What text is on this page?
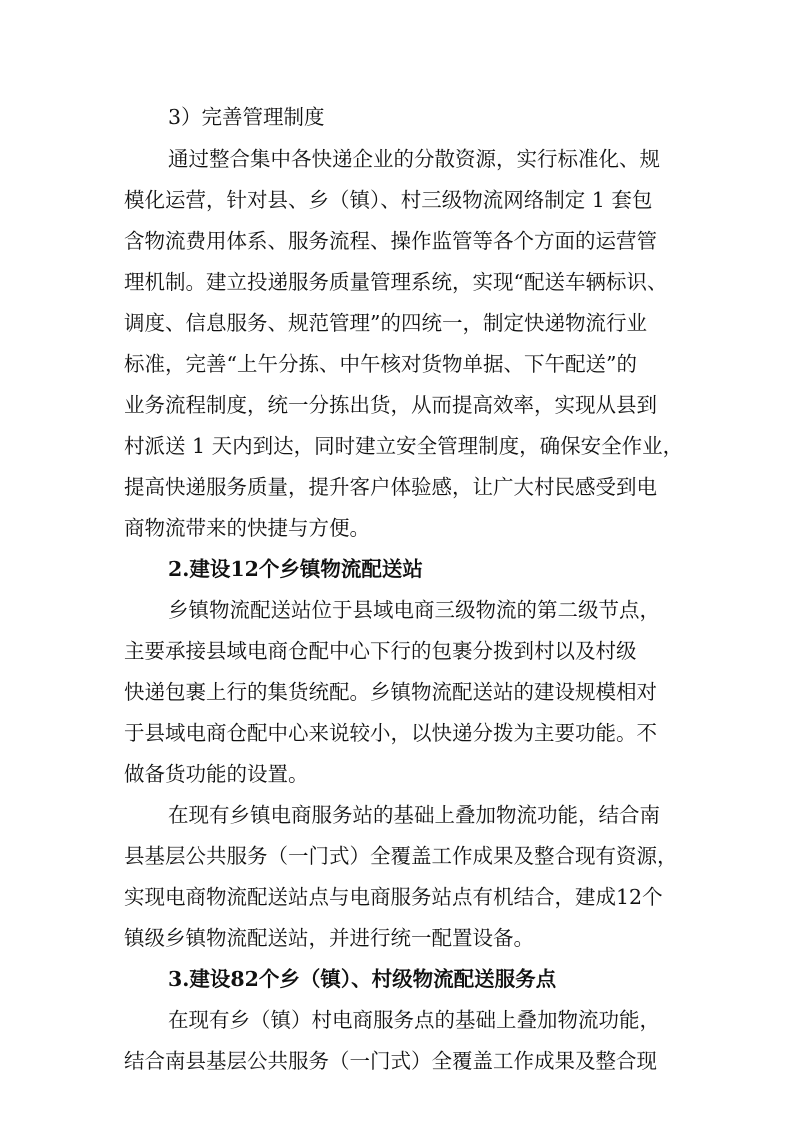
3）完善管理制度
通过整合集中各快递企业的分散资源，实行标准化、规
模化运营，针对县、乡（镇）、村三级物流网络制定 1 套包
含物流费用体系、服务流程、操作监管等各个方面的运营管
理机制。建立投递服务质量管理系统，实现“配送车辆标识、
调度、信息服务、规范管理”的四统一，制定快递物流行业
标准，完善“上午分拣、中午核对货物单据、下午配送”的
业务流程制度，统一分拣出货，从而提高效率，实现从县到
村派送 1 天内到达，同时建立安全管理制度，确保安全作业，
提高快递服务质量，提升客户体验感，让广大村民感受到电
商物流带来的快捷与方便。
2.建设12个乡镇物流配送站
乡镇物流配送站位于县域电商三级物流的第二级节点，
主要承接县域电商仓配中心下行的包裹分拨到村以及村级
快递包裹上行的集货统配。乡镇物流配送站的建设规模相对
于县域电商仓配中心来说较小，以快递分拨为主要功能。不
做备货功能的设置。
在现有乡镇电商服务站的基础上叠加物流功能，结合南
县基层公共服务（一门式）全覆盖工作成果及整合现有资源，
实现电商物流配送站点与电商服务站点有机结合，建成12个
镇级乡镇物流配送站，并进行统一配置设备。
3.建设82个乡（镇）、村级物流配送服务点
在现有乡（镇）村电商服务点的基础上叠加物流功能，
结合南县基层公共服务（一门式）全覆盖工作成果及整合现
